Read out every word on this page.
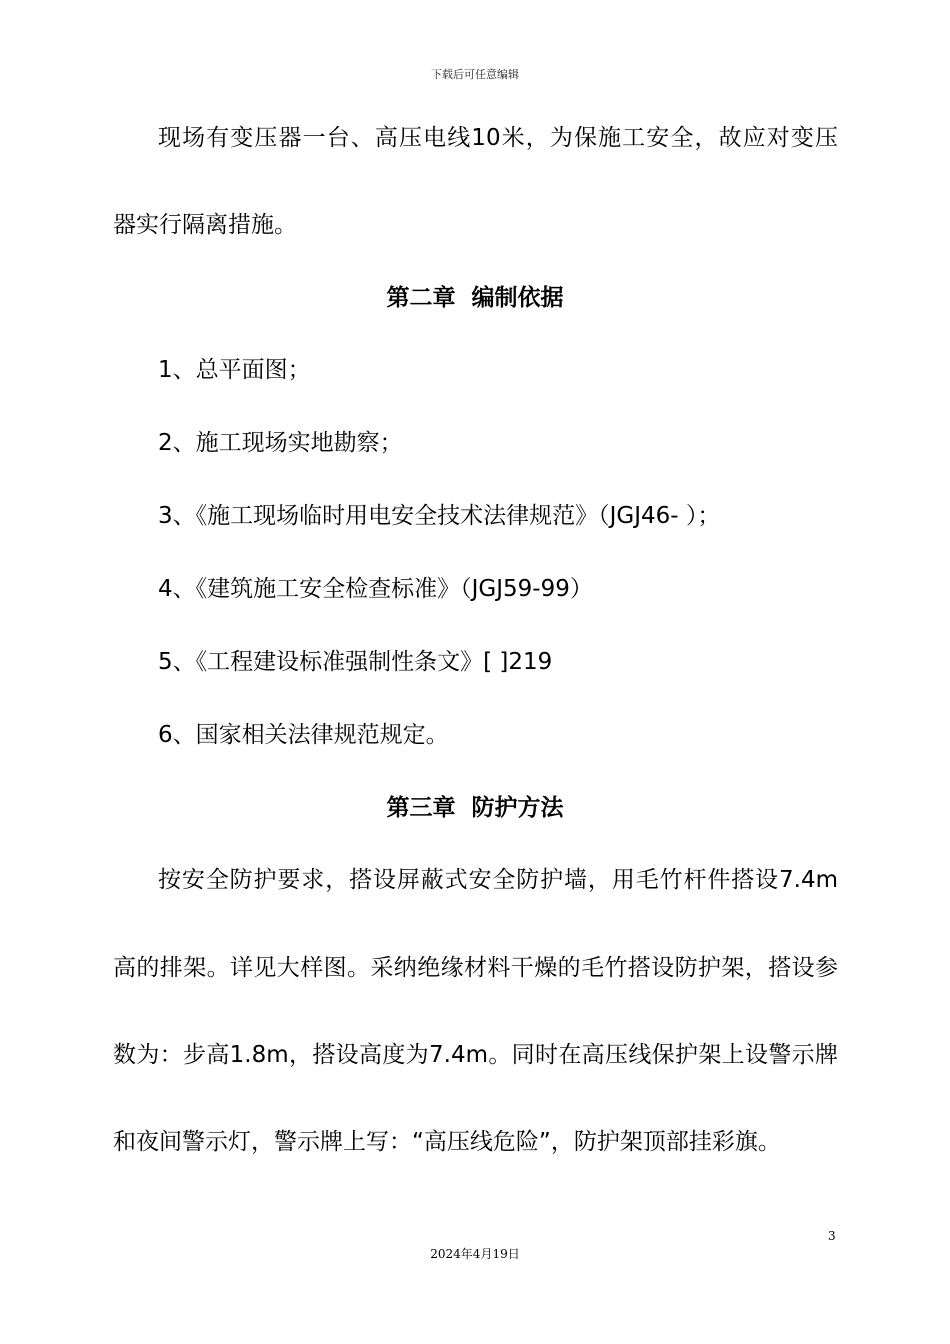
下载后可任意编辑
现场有变压器一台、高压电线10米，为保施工安全，故应对变压
器实行隔离措施。
第二章  编制依据
1、总平面图；
2、施工现场实地勘察；
3、《施工现场临时用电安全技术法律规范》（JGJ46- ）；
4、《建筑施工安全检查标准》（JGJ59-99）
5、《工程建设标准强制性条文》[ ]219
6、国家相关法律规范规定。
第三章  防护方法
按安全防护要求，搭设屏蔽式安全防护墙，用毛竹杆件搭设7.4m
高的排架。详见大样图。采纳绝缘材料干燥的毛竹搭设防护架，搭设参
数为：步高1.8m，搭设高度为7.4m。同时在高压线保护架上设警示牌
和夜间警示灯，警示牌上写：“高压线危险”，防护架顶部挂彩旗。
3
2024年4月19日
